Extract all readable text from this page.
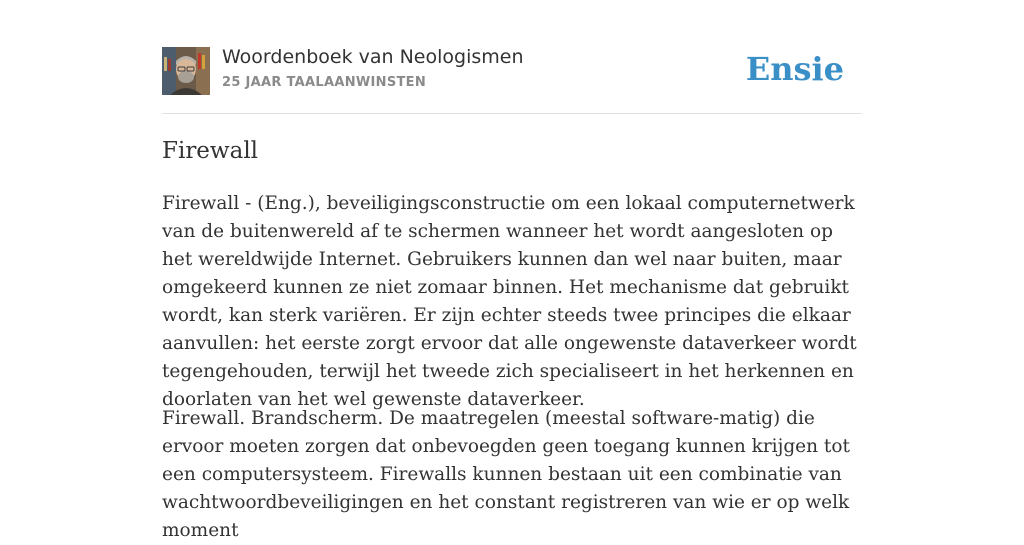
Woordenboek van Neologismen
25 JAAR TAALAANWINSTEN	Ensie
Firewall

Firewall - (Eng.), beveiligingsconstructie om een lokaal computernetwerk van de buitenwereld af te schermen wanneer het wordt aangesloten op het wereldwijde Internet. Gebruikers kunnen dan wel naar buiten, maar omgekeerd kunnen ze niet zomaar binnen. Het mechanisme dat gebruikt wordt, kan sterk variëren. Er zijn echter steeds twee principes die elkaar aanvullen: het eerste zorgt ervoor dat alle ongewenste dataverkeer wordt tegengehouden, terwijl het tweede zich specialiseert in het herkennen en doorlaten van het wel gewenste dataverkeer.

Firewall. Brandscherm. De maatregelen (meestal software-matig) die ervoor moeten zorgen dat onbevoegden geen toegang kunnen krijgen tot een computersysteem. Firewalls kunnen bestaan uit een combinatie van wachtwoordbeveiligingen en het constant registreren van wie er op welk moment
